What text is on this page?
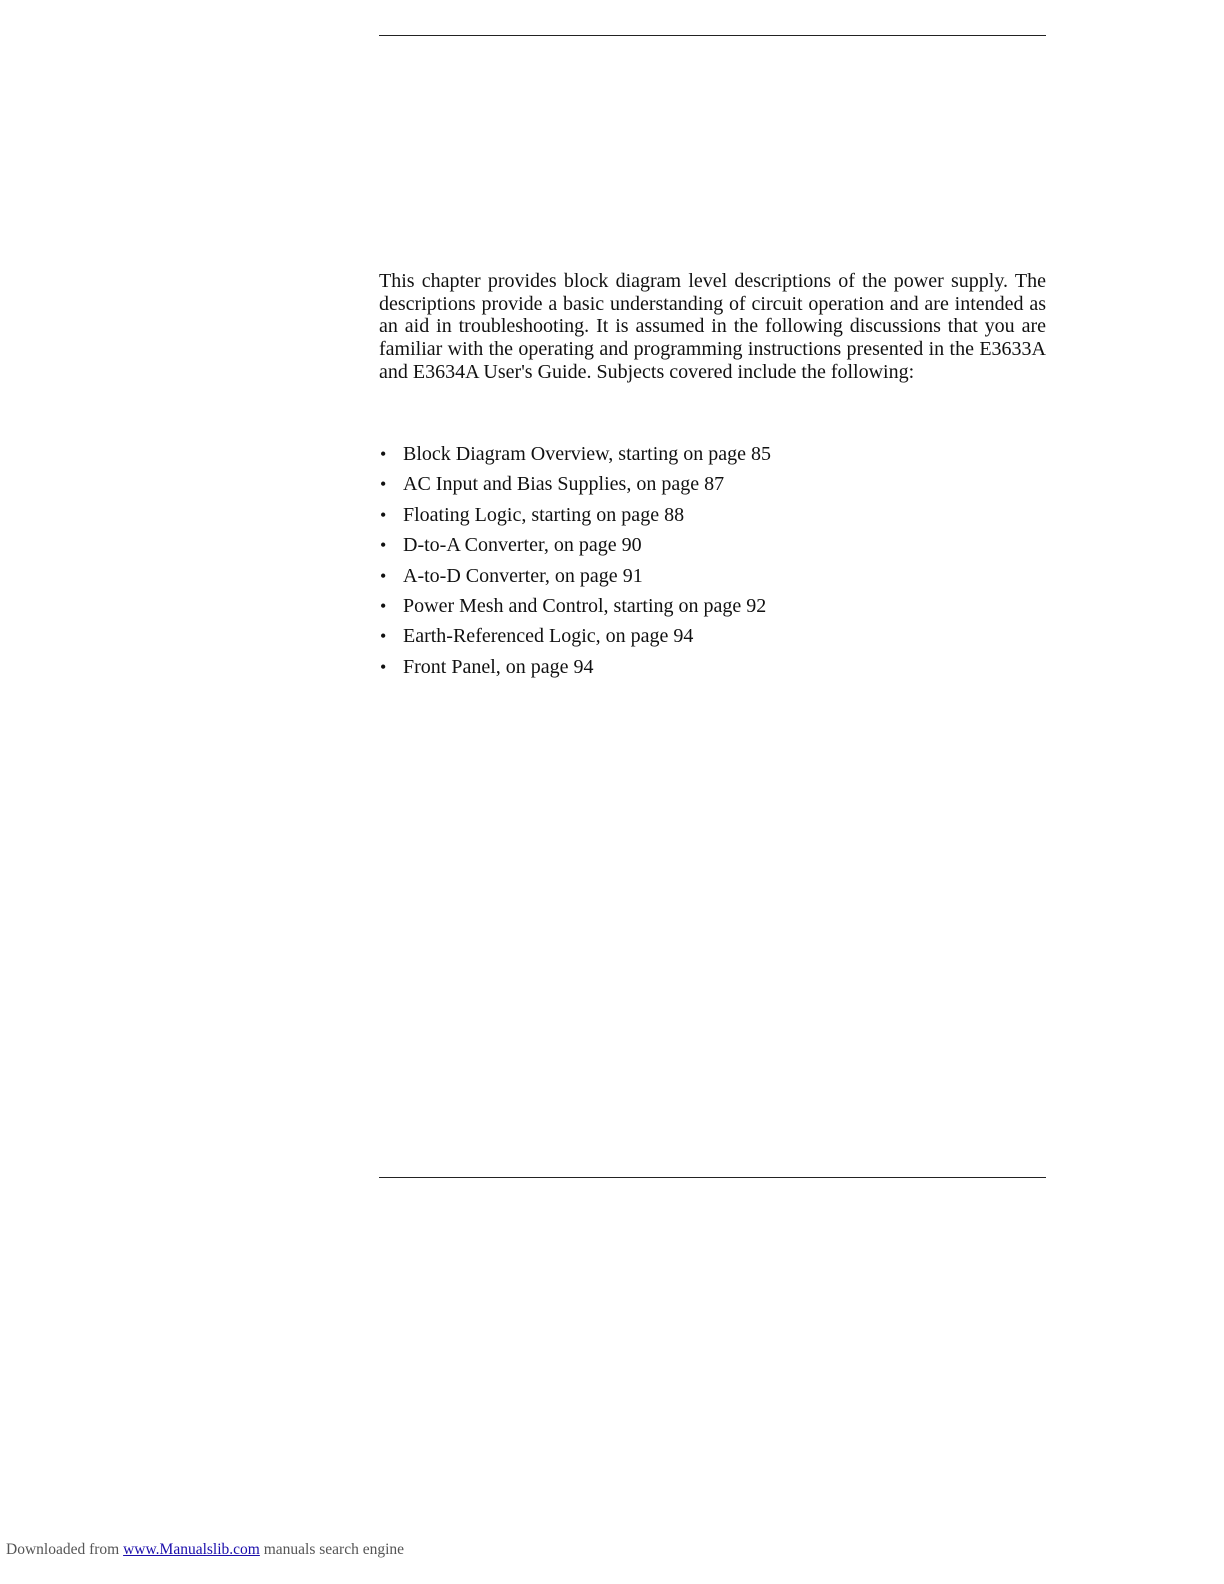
This chapter provides block diagram level descriptions of the power supply. The descriptions provide a basic understanding of circuit operation and are intended as an aid in troubleshooting. It is assumed in the following discussions that you are familiar with the operating and programming instructions presented in the E3633A and E3634A User's Guide. Subjects covered include the following:

• Block Diagram Overview, starting on page 85
• AC Input and Bias Supplies, on page 87
• Floating Logic, starting on page 88
• D-to-A Converter, on page 90
• A-to-D Converter, on page 91
• Power Mesh and Control, starting on page 92
• Earth-Referenced Logic, on page 94
• Front Panel, on page 94
Downloaded from www.Manualslib.com manuals search engine
